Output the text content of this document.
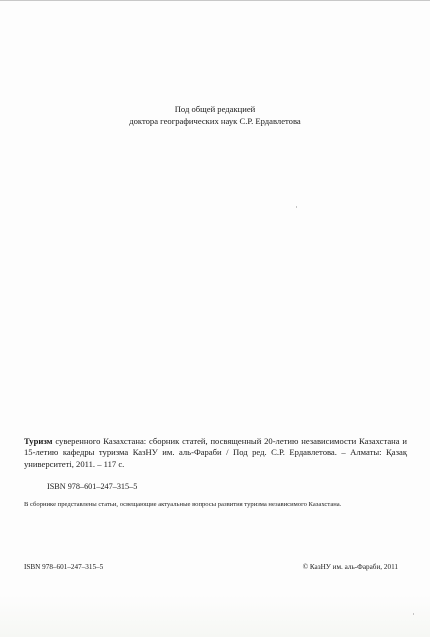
Под общей редакцией
доктора географических наук С.Р. Ердавлетова
Туризм суверенного Казахстана: сборник статей, посвященный 20-летию независимости Казахстана и 15-летию кафедры туризма КазНУ им. аль-Фараби / Под ред. С.Р. Ердавлетова. – Алматы: Қазақ университетi, 2011. – 117 с.
ISBN 978–601–247–315–5
В сборнике представлены статьи, освещающие актуальные вопросы развития туризма независимого Казахстана.
ISBN 978–601–247–315–5	© КазНУ им. аль-Фараби, 2011
